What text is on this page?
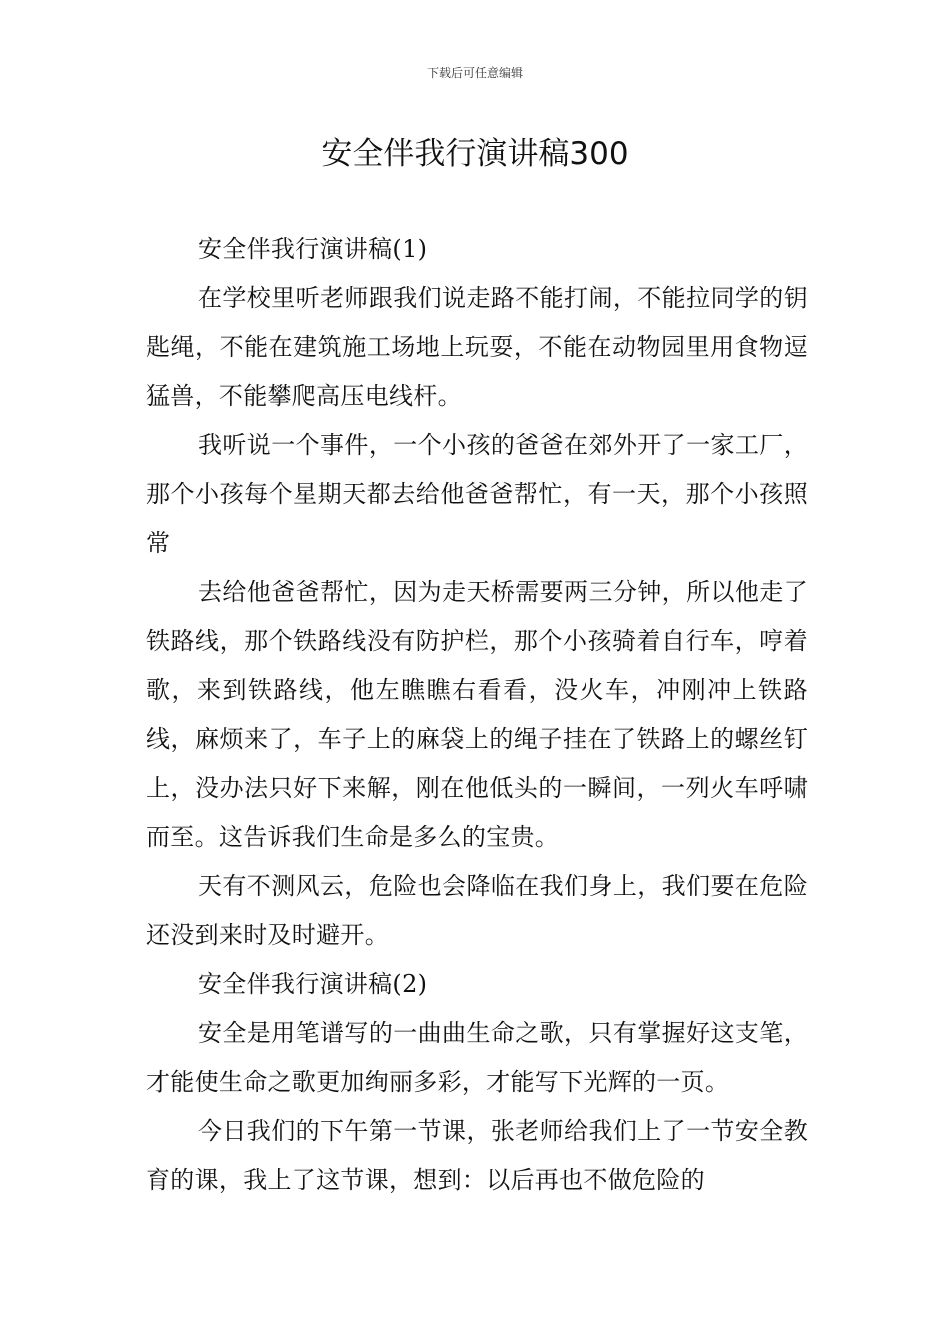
下载后可任意编辑
安全伴我行演讲稿300

安全伴我行演讲稿(1)

在学校里听老师跟我们说走路不能打闹，不能拉同学的钥匙绳，不能在建筑施工场地上玩耍，不能在动物园里用食物逗猛兽，不能攀爬高压电线杆。

我听说一个事件，一个小孩的爸爸在郊外开了一家工厂，那个小孩每个星期天都去给他爸爸帮忙，有一天，那个小孩照常

去给他爸爸帮忙，因为走天桥需要两三分钟，所以他走了铁路线，那个铁路线没有防护栏，那个小孩骑着自行车，哼着歌，来到铁路线，他左瞧瞧右看看，没火车，冲刚冲上铁路线，麻烦来了，车子上的麻袋上的绳子挂在了铁路上的螺丝钉上，没办法只好下来解，刚在他低头的一瞬间，一列火车呼啸而至。这告诉我们生命是多么的宝贵。

天有不测风云，危险也会降临在我们身上，我们要在危险还没到来时及时避开。

安全伴我行演讲稿(2)

安全是用笔谱写的一曲曲生命之歌，只有掌握好这支笔，才能使生命之歌更加绚丽多彩，才能写下光辉的一页。

今日我们的下午第一节课，张老师给我们上了一节安全教育的课，我上了这节课，想到：以后再也不做危险的
